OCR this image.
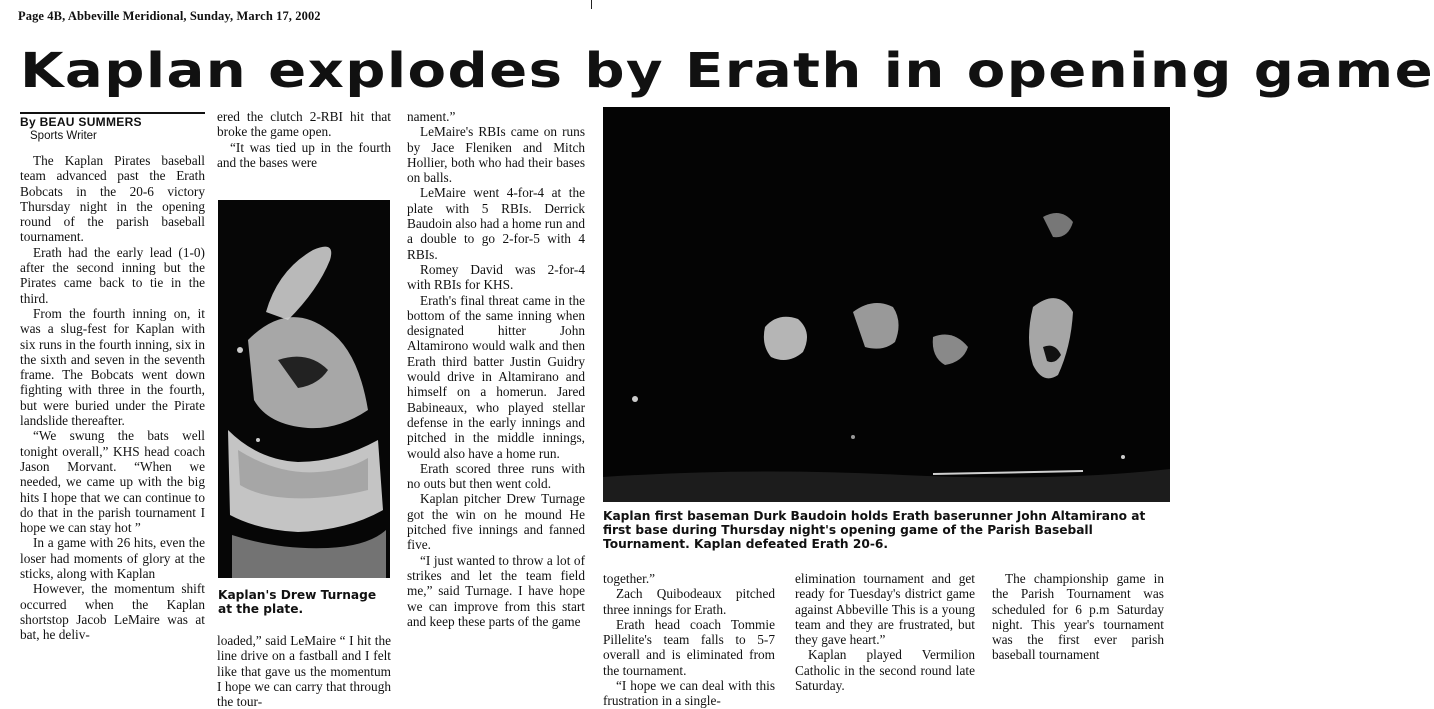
Page 4B, Abbeville Meridional, Sunday, March 17, 2002
Kaplan explodes by Erath in opening game
By BEAU SUMMERS
Sports Writer

The Kaplan Pirates baseball team advanced past the Erath Bobcats in the 20-6 victory Thursday night in the opening round of the parish baseball tournament.

Erath had the early lead (1-0) after the second inning but the Pirates came back to tie in the third.

From the fourth inning on, it was a slug-fest for Kaplan with six runs in the fourth inning, six in the sixth and seven in the seventh frame. The Bobcats went down fighting with three in the fourth, but were buried under the Pirate landslide thereafter.

“We swung the bats well tonight overall,” KHS head coach Jason Morvant. “When we needed, we came up with the big hits I hope that we can continue to do that in the parish tournament I hope we can stay hot ”

In a game with 26 hits, even the loser had moments of glory at the sticks, along with Kaplan

However, the momentum shift occurred when the Kaplan shortstop Jacob LeMaire was at bat, he deliv-

ered the clutch 2-RBI hit that broke the game open.

“It was tied up in the fourth and the bases were

Kaplan's Drew Turnage at the plate.

loaded,” said LeMaire “ I hit the line drive on a fastball and I felt like that gave us the momentum I hope we can carry that through the tour-

nament.”

LeMaire's RBIs came on runs by Jace Fleniken and Mitch Hollier, both who had their bases on balls.

LeMaire went 4-for-4 at the plate with 5 RBIs. Derrick Baudoin also had a home run and a double to go 2-for-5 with 4 RBIs.

Romey David was 2-for-4 with RBIs for KHS.

Erath's final threat came in the bottom of the same inning when designated hitter John Altamirono would walk and then Erath third batter Justin Guidry would drive in Altamirano and himself on a homerun. Jared Babineaux, who played stellar defense in the early innings and pitched in the middle innings, would also have a home run.

Erath scored three runs with no outs but then went cold.

Kaplan pitcher Drew Turnage got the win on he mound He pitched five innings and fanned five.

“I just wanted to throw a lot of strikes and let the team field me,” said Turnage. I have hope we can improve from this start and keep these parts of the game

Kaplan first baseman Durk Baudoin holds Erath baserunner John Altamirano at first base during Thursday night's opening game of the Parish Baseball Tournament. Kaplan defeated Erath 20-6.

together.”

Zach Quibodeaux pitched three innings for Erath.

Erath head coach Tommie Pillelite's team falls to 5-7 overall and is eliminated from the tournament.

“I hope we can deal with this frustration in a single-

elimination tournament and get ready for Tuesday's district game against Abbeville This is a young team and they are frustrated, but they gave heart.”

Kaplan played Vermilion Catholic in the second round late Saturday.

The championship game in the Parish Tournament was scheduled for 6 p.m Saturday night. This year's tournament was the first ever parish baseball tournament
